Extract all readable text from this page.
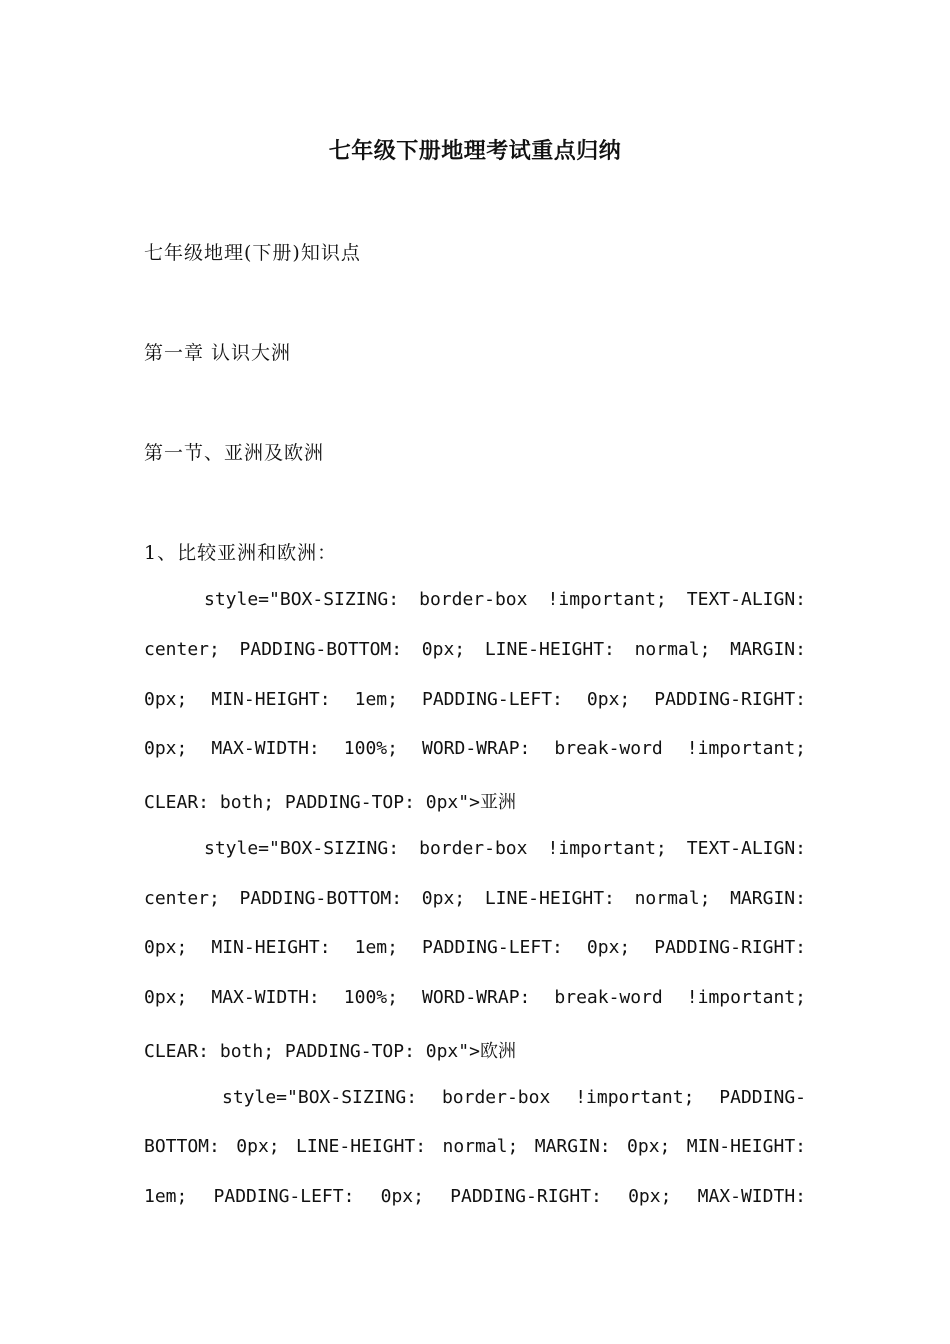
七年级下册地理考试重点归纳
七年级地理(下册)知识点
第一章 认识大洲
第一节、亚洲及欧洲
1、比较亚洲和欧洲：
style="BOX-SIZING: border-box !important; TEXT-ALIGN:
center; PADDING-BOTTOM: 0px; LINE-HEIGHT: normal; MARGIN:
0px; MIN-HEIGHT: 1em; PADDING-LEFT: 0px; PADDING-RIGHT:
0px; MAX-WIDTH: 100%; WORD-WRAP: break-word !important;
CLEAR: both; PADDING-TOP: 0px">亚洲
style="BOX-SIZING: border-box !important; TEXT-ALIGN:
center; PADDING-BOTTOM: 0px; LINE-HEIGHT: normal; MARGIN:
0px; MIN-HEIGHT: 1em; PADDING-LEFT: 0px; PADDING-RIGHT:
0px; MAX-WIDTH: 100%; WORD-WRAP: break-word !important;
CLEAR: both; PADDING-TOP: 0px">欧洲
style="BOX-SIZING: border-box !important; PADDING-
BOTTOM: 0px; LINE-HEIGHT: normal; MARGIN: 0px; MIN-HEIGHT:
1em; PADDING-LEFT: 0px; PADDING-RIGHT: 0px; MAX-WIDTH:
